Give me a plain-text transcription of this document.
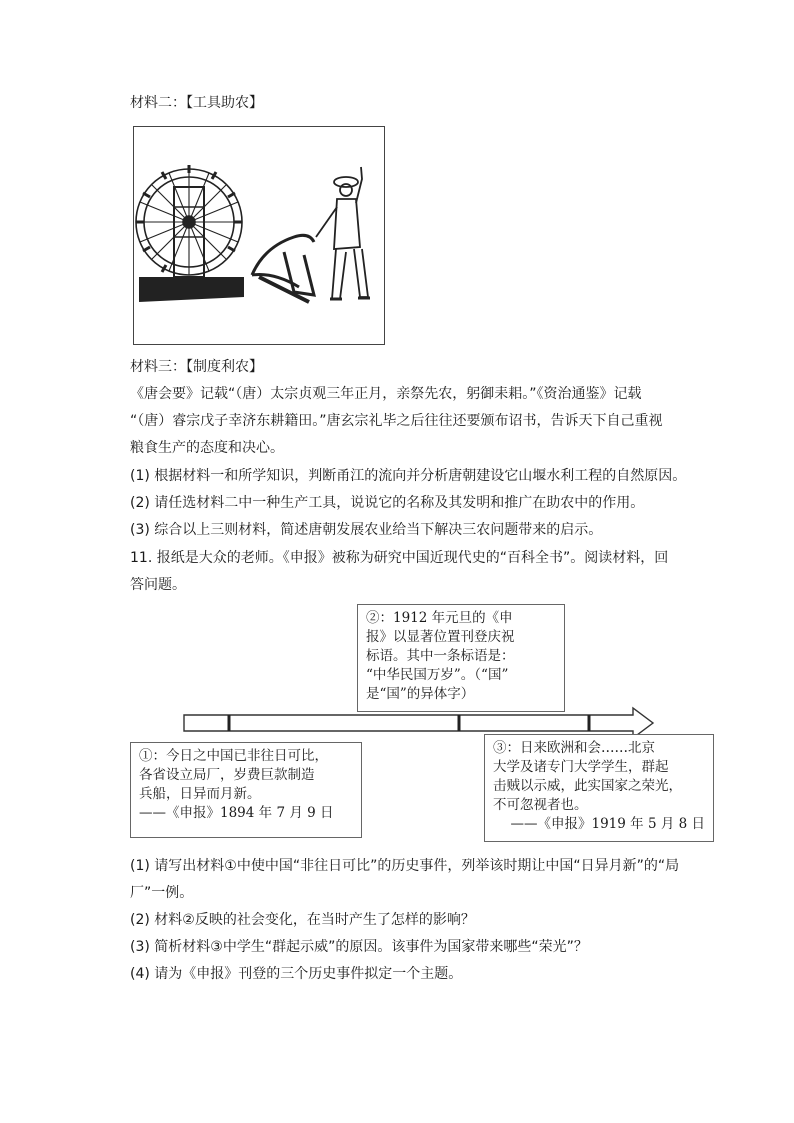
材料二：【工具助农】
材料三：【制度利农】
《唐会要》记载“（唐）太宗贞观三年正月，亲祭先农，躬御耒耜。”《资治通鉴》记载
“（唐）睿宗戊子幸济东耕籍田。”唐玄宗礼毕之后往往还要颁布诏书，告诉天下自己重视
粮食生产的态度和决心。
(1) 根据材料一和所学知识，判断甬江的流向并分析唐朝建设它山堰水利工程的自然原因。
(2) 请任选材料二中一种生产工具，说说它的名称及其发明和推广在助农中的作用。
(3) 综合以上三则材料，简述唐朝发展农业给当下解决三农问题带来的启示。
11. 报纸是大众的老师。《申报》被称为研究中国近现代史的“百科全书”。阅读材料，回
答问题。
②：1912 年元旦的《申
报》以显著位置刊登庆祝
标语。其中一条标语是：
“中华民国万岁”。（“国”
是“国”的异体字）
①：今日之中国已非往日可比，
各省设立局厂，岁费巨款制造
兵船，日异而月新。
——《申报》1894 年 7 月 9 日
③：日来欧洲和会……北京
大学及诸专门大学学生，群起
击贼以示威，此实国家之荣光，
不可忽视者也。
——《申报》1919 年 5 月 8 日
(1) 请写出材料①中使中国“非往日可比”的历史事件，列举该时期让中国“日异月新”的“局
厂”一例。
(2) 材料②反映的社会变化，在当时产生了怎样的影响？
(3) 简析材料③中学生“群起示威”的原因。该事件为国家带来哪些“荣光”？
(4) 请为《申报》刊登的三个历史事件拟定一个主题。
